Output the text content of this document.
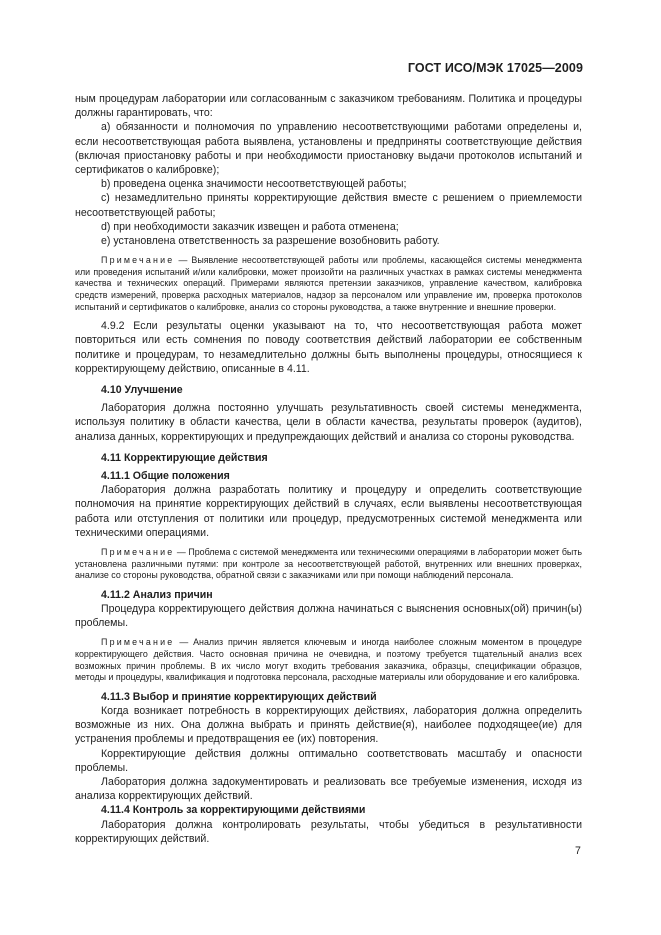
ГОСТ ИСО/МЭК 17025—2009

ным процедурам лаборатории или согласованным с заказчиком требованиям. Политика и процедуры должны гарантировать, что:

a) обязанности и полномочия по управлению несоответствующими работами определены и, если несоответствующая работа выявлена, установлены и предприняты соответствующие действия (включая приостановку работы и при необходимости приостановку выдачи протоколов испытаний и сертификатов о калибровке);

b) проведена оценка значимости несоответствующей работы;

c) незамедлительно приняты корректирующие действия вместе с решением о приемлемости несоответствующей работы;

d) при необходимости заказчик извещен и работа отменена;

e) установлена ответственность за разрешение возобновить работу.

Примечание — Выявление несоответствующей работы или проблемы, касающейся системы менеджмента или проведения испытаний и/или калибровки, может произойти на различных участках в рамках системы менеджмента качества и технических операций. Примерами являются претензии заказчиков, управление качеством, калибровка средств измерений, проверка расходных материалов, надзор за персоналом или управление им, проверка протоколов испытаний и сертификатов о калибровке, анализ со стороны руководства, а также внутренние и внешние проверки.

4.9.2 Если результаты оценки указывают на то, что несоответствующая работа может повториться или есть сомнения по поводу соответствия действий лаборатории ее собственным политике и процедурам, то незамедлительно должны быть выполнены процедуры, относящиеся к корректирующему действию, описанные в 4.11.

4.10 Улучшение

Лаборатория должна постоянно улучшать результативность своей системы менеджмента, используя политику в области качества, цели в области качества, результаты проверок (аудитов), анализа данных, корректирующих и предупреждающих действий и анализа со стороны руководства.

4.11 Корректирующие действия

4.11.1 Общие положения

Лаборатория должна разработать политику и процедуру и определить соответствующие полномочия на принятие корректирующих действий в случаях, если выявлены несоответствующая работа или отступления от политики или процедур, предусмотренных системой менеджмента или техническими операциями.

Примечание — Проблема с системой менеджмента или техническими операциями в лаборатории может быть установлена различными путями: при контроле за несоответствующей работой, внутренних или внешних проверках, анализе со стороны руководства, обратной связи с заказчиками или при помощи наблюдений персонала.

4.11.2 Анализ причин

Процедура корректирующего действия должна начинаться с выяснения основных(ой) причин(ы) проблемы.

Примечание — Анализ причин является ключевым и иногда наиболее сложным моментом в процедуре корректирующего действия. Часто основная причина не очевидна, и поэтому требуется тщательный анализ всех возможных причин проблемы. В их число могут входить требования заказчика, образцы, спецификации образцов, методы и процедуры, квалификация и подготовка персонала, расходные материалы или оборудование и его калибровка.

4.11.3 Выбор и принятие корректирующих действий

Когда возникает потребность в корректирующих действиях, лаборатория должна определить возможные из них. Она должна выбрать и принять действие(я), наиболее подходящее(ие) для устранения проблемы и предотвращения ее (их) повторения.

Корректирующие действия должны оптимально соответствовать масштабу и опасности проблемы.

Лаборатория должна задокументировать и реализовать все требуемые изменения, исходя из анализа корректирующих действий.

4.11.4 Контроль за корректирующими действиями

Лаборатория должна контролировать результаты, чтобы убедиться в результативности корректирующих действий.

7
